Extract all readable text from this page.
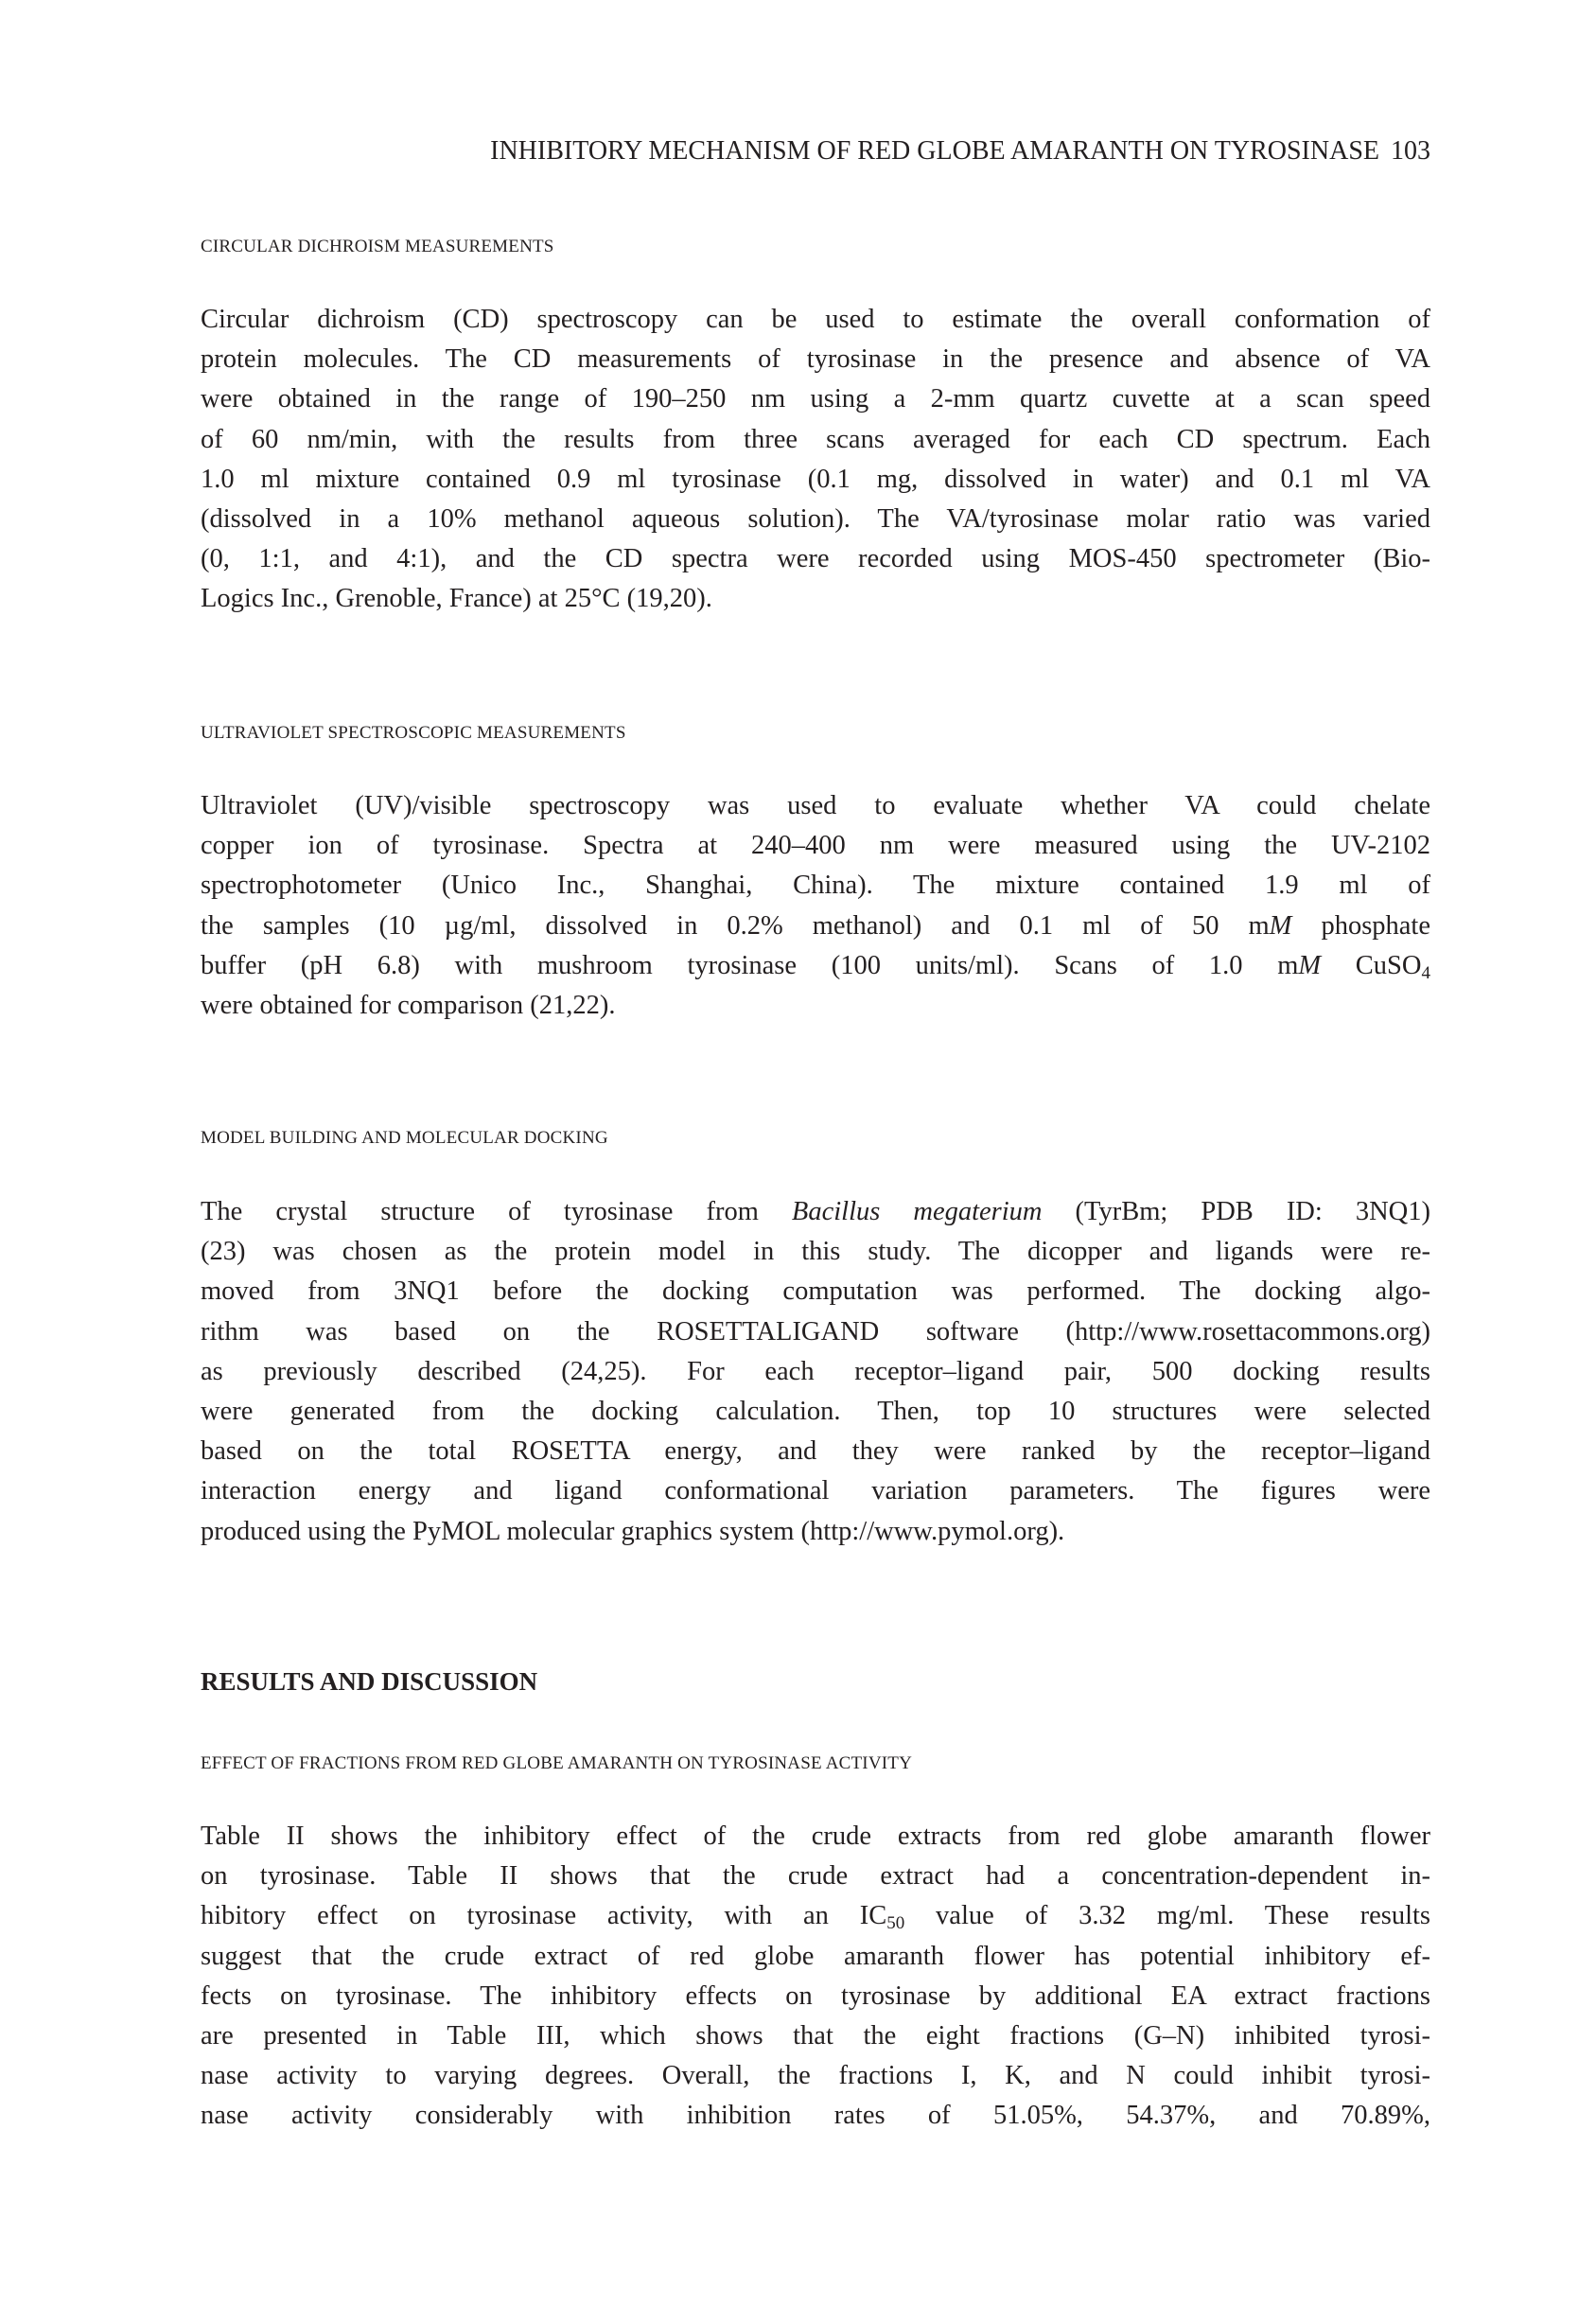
INHIBITORY MECHANISM OF RED GLOBE AMARANTH ON TYROSINASE 103
CIRCULAR DICHROISM MEASUREMENTS
Circular dichroism (CD) spectroscopy can be used to estimate the overall conformation of
protein molecules. The CD measurements of tyrosinase in the presence and absence of VA
were obtained in the range of 190–250 nm using a 2-mm quartz cuvette at a scan speed
of 60 nm/min, with the results from three scans averaged for each CD spectrum. Each
1.0 ml mixture contained 0.9 ml tyrosinase (0.1 mg, dissolved in water) and 0.1 ml VA
(dissolved in a 10% methanol aqueous solution). The VA/tyrosinase molar ratio was varied
(0, 1:1, and 4:1), and the CD spectra were recorded using MOS-450 spectrometer (Bio-
Logics Inc., Grenoble, France) at 25°C (19,20).
ULTRAVIOLET SPECTROSCOPIC MEASUREMENTS
Ultraviolet (UV)/visible spectroscopy was used to evaluate whether VA could chelate
copper ion of tyrosinase. Spectra at 240–400 nm were measured using the UV-2102
spectrophotometer (Unico Inc., Shanghai, China). The mixture contained 1.9 ml of
the samples (10 µg/ml, dissolved in 0.2% methanol) and 0.1 ml of 50 mM phosphate
buffer (pH 6.8) with mushroom tyrosinase (100 units/ml). Scans of 1.0 mM CuSO$_4$
were obtained for comparison (21,22).
MODEL BUILDING AND MOLECULAR DOCKING
The crystal structure of tyrosinase from Bacillus megaterium (TyrBm; PDB ID: 3NQ1)
(23) was chosen as the protein model in this study. The dicopper and ligands were re-
moved from 3NQ1 before the docking computation was performed. The docking algo-
rithm was based on the ROSETTALIGAND software (http://www.rosettacommons.org)
as previously described (24,25). For each receptor–ligand pair, 500 docking results
were generated from the docking calculation. Then, top 10 structures were selected
based on the total ROSETTA energy, and they were ranked by the receptor–ligand
interaction energy and ligand conformational variation parameters. The figures were
produced using the PyMOL molecular graphics system (http://www.pymol.org).
RESULTS AND DISCUSSION
EFFECT OF FRACTIONS FROM RED GLOBE AMARANTH ON TYROSINASE ACTIVITY
Table II shows the inhibitory effect of the crude extracts from red globe amaranth flower
on tyrosinase. Table II shows that the crude extract had a concentration-dependent in-
hibitory effect on tyrosinase activity, with an $IC_{50}$ value of 3.32 mg/ml. These results
suggest that the crude extract of red globe amaranth flower has potential inhibitory ef-
fects on tyrosinase. The inhibitory effects on tyrosinase by additional EA extract fractions
are presented in Table III, which shows that the eight fractions (G–N) inhibited tyrosi-
nase activity to varying degrees. Overall, the fractions I, K, and N could inhibit tyrosi-
nase activity considerably with inhibition rates of 51.05%, 54.37%, and 70.89%,
